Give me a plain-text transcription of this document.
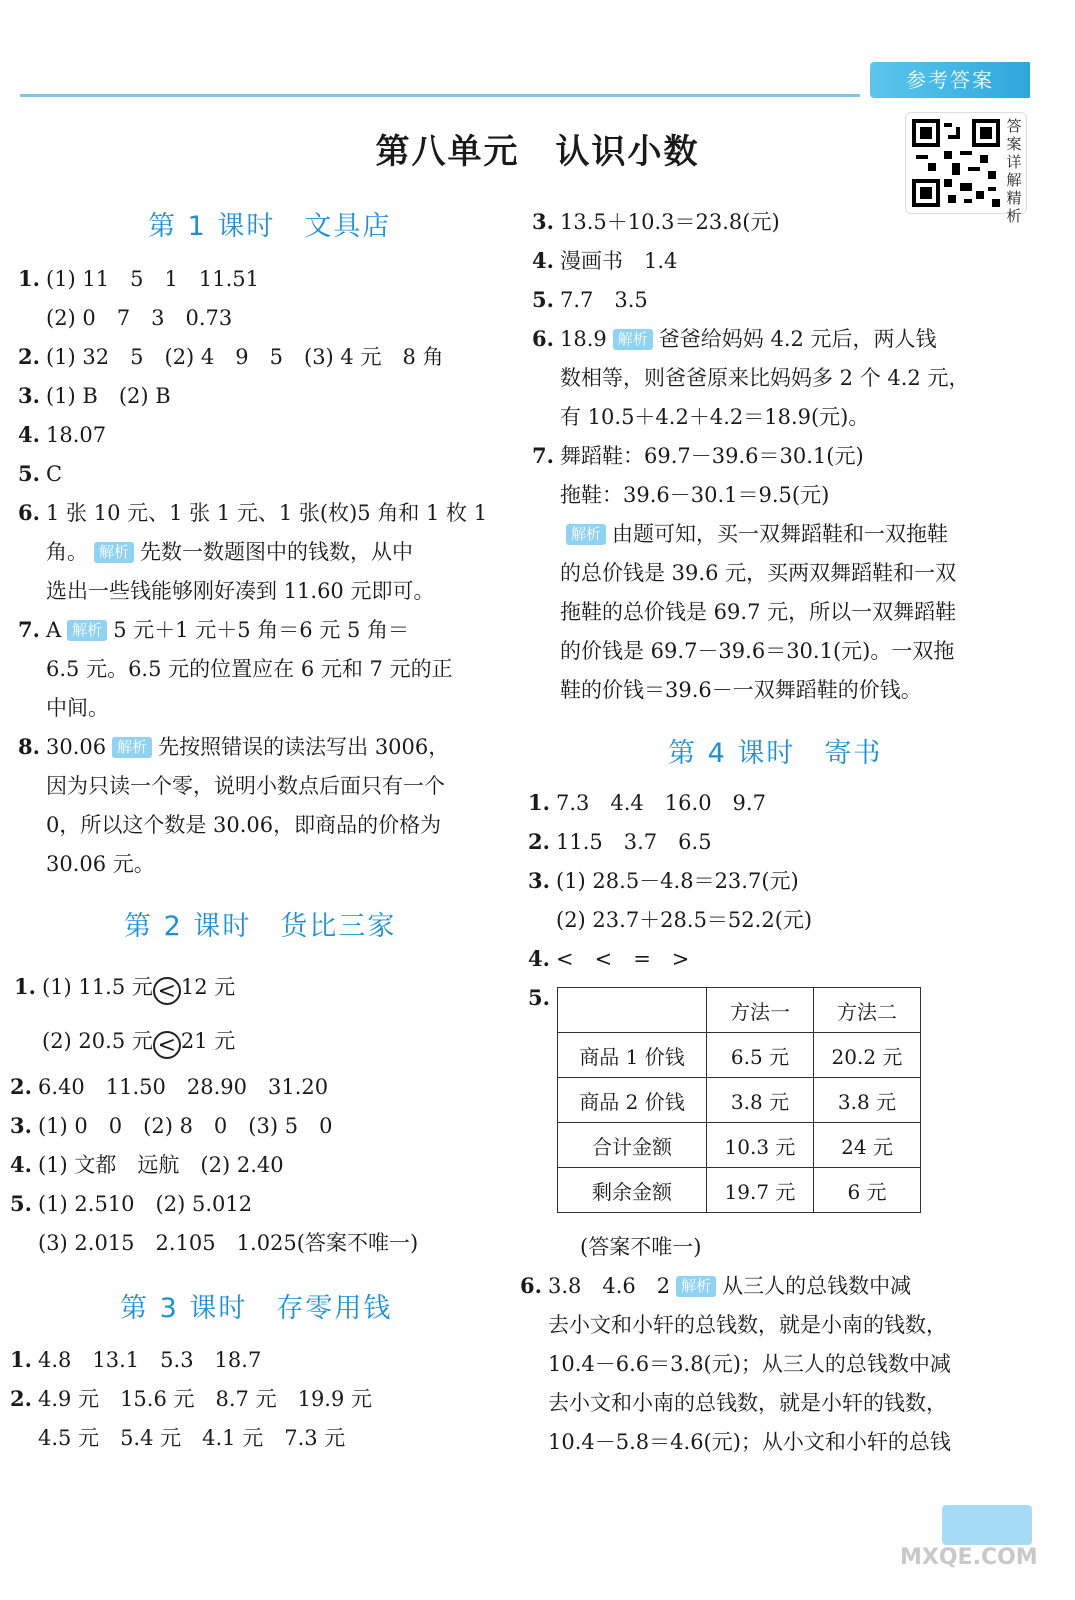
参考答案
答案详解精析
第八单元　认识小数
第 1 课时　文具店
1. (1) 11　5　1　11.51
(2) 0　7　3　0.73
2. (1) 32　5　(2) 4　9　5　(3) 4 元　8 角
3. (1) B　(2) B
4. 18.07
5. C
6. 1 张 10 元、1 张 1 元、1 张(枚)5 角和 1 枚 1
角。 解析 先数一数题图中的钱数，从中
选出一些钱能够刚好凑到 11.60 元即可。
7. A 解析 5 元＋1 元＋5 角＝6 元 5 角＝
6.5 元。6.5 元的位置应在 6 元和 7 元的正
中间。
8. 30.06 解析 先按照错误的读法写出 3006，
因为只读一个零，说明小数点后面只有一个
0，所以这个数是 30.06，即商品的价格为
30.06 元。
第 2 课时　货比三家
1. (1) 11.5 元 < 12 元
(2) 20.5 元 < 21 元
2. 6.40　11.50　28.90　31.20
3. (1) 0　0　(2) 8　0　(3) 5　0
4. (1) 文都　远航　(2) 2.40
5. (1) 2.510　(2) 5.012
(3) 2.015　2.105　1.025(答案不唯一)
第 3 课时　存零用钱
1. 4.8　13.1　5.3　18.7
2. 4.9 元　15.6 元　8.7 元　19.9 元
4.5 元　5.4 元　4.1 元　7.3 元
3. 13.5＋10.3＝23.8(元)
4. 漫画书　1.4
5. 7.7　3.5
6. 18.9 解析 爸爸给妈妈 4.2 元后，两人钱
数相等，则爸爸原来比妈妈多 2 个 4.2 元，
有 10.5＋4.2＋4.2＝18.9(元)。
7. 舞蹈鞋：69.7－39.6＝30.1(元)
拖鞋：39.6－30.1＝9.5(元)
解析 由题可知，买一双舞蹈鞋和一双拖鞋
的总价钱是 39.6 元，买两双舞蹈鞋和一双
拖鞋的总价钱是 69.7 元，所以一双舞蹈鞋
的价钱是 69.7－39.6＝30.1(元)。一双拖
鞋的价钱＝39.6－一双舞蹈鞋的价钱。
第 4 课时　寄书
1. 7.3　4.4　16.0　9.7
2. 11.5　3.7　6.5
3. (1) 28.5－4.8＝23.7(元)
(2) 23.7＋28.5＝52.2(元)
4. <　<　=　>
5.
(答案不唯一)
6. 3.8　4.6　2 解析 从三人的总钱数中减
去小文和小轩的总钱数，就是小南的钱数，
10.4－6.6＝3.8(元)；从三人的总钱数中减
去小文和小南的总钱数，就是小轩的钱数，
10.4－5.8＝4.6(元)；从小文和小轩的总钱
	方法一	方法二
商品 1 价钱	6.5 元	20.2 元
商品 2 价钱	3.8 元	3.8 元
合计金额	10.3 元	24 元
剩余金额	19.7 元	6 元
MXQE.COM
